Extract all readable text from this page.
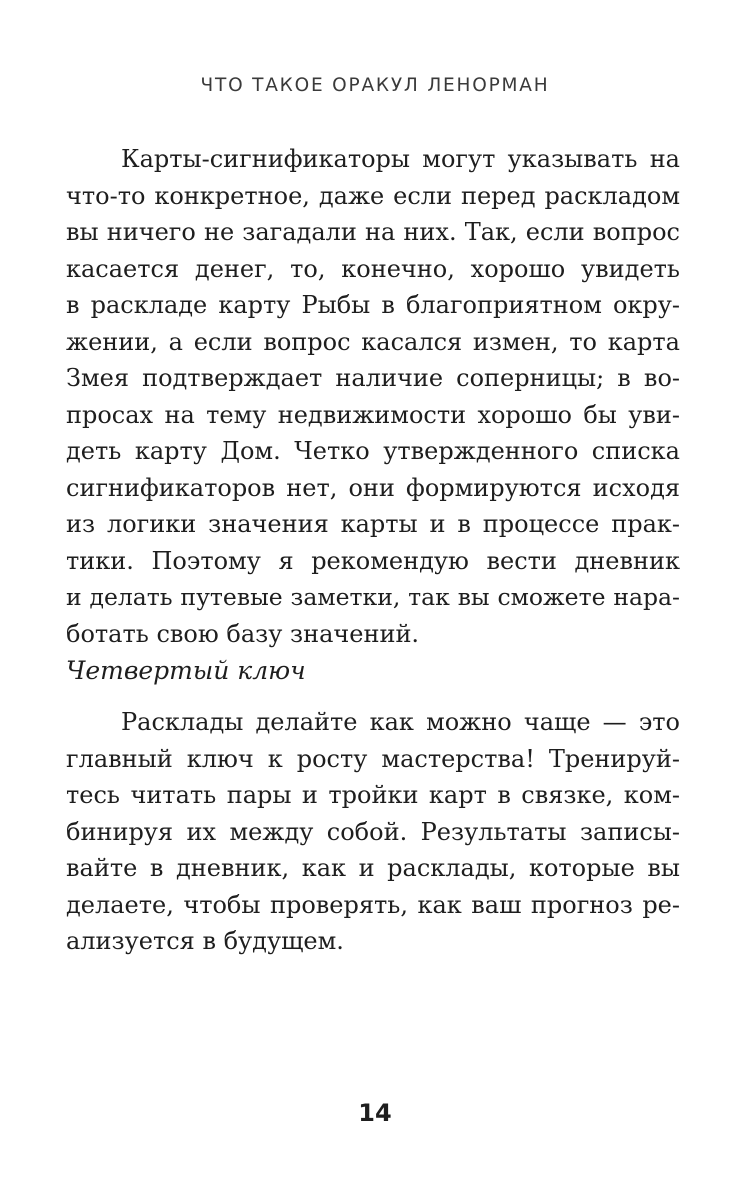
ЧТО ТАКОЕ ОРАКУЛ ЛЕНОРМАН
Карты-сигнификаторы могут указывать на
что-то конкретное, даже если перед раскладом
вы ничего не загадали на них. Так, если вопрос
касается денег, то, конечно, хорошо увидеть
в раскладе карту Рыбы в благоприятном окру-
жении, а если вопрос касался измен, то карта
Змея подтверждает наличие соперницы; в во-
просах на тему недвижимости хорошо бы уви-
деть карту Дом. Четко утвержденного списка
сигнификаторов нет, они формируются исходя
из логики значения карты и в процессе прак-
тики. Поэтому я рекомендую вести дневник
и делать путевые заметки, так вы сможете нара-
ботать свою базу значений.
Четвертый ключ
Расклады делайте как можно чаще — это
главный ключ к росту мастерства! Тренируй-
тесь читать пары и тройки карт в связке, ком-
бинируя их между собой. Результаты записы-
вайте в дневник, как и расклады, которые вы
делаете, чтобы проверять, как ваш прогноз ре-
ализуется в будущем.
14
